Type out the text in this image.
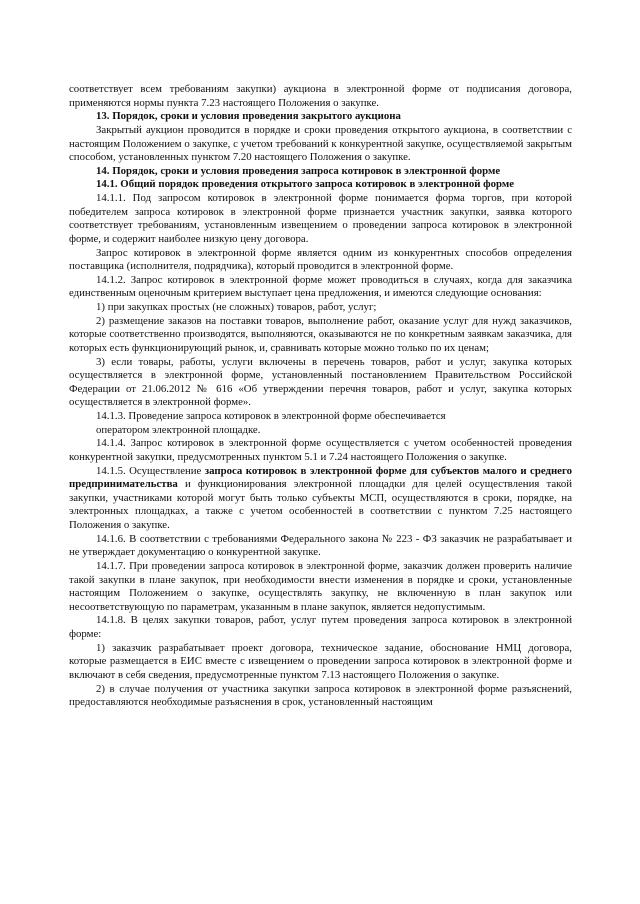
соответствует всем требованиям закупки) аукциона в электронной форме от подписания договора, применяются нормы пункта 7.23 настоящего Положения о закупке.

13. Порядок, сроки и условия проведения закрытого аукциона

Закрытый аукцион проводится в порядке и сроки проведения открытого аукциона, в соответствии с настоящим Положением о закупке, с учетом требований к конкурентной закупке, осуществляемой закрытым способом, установленных пунктом 7.20 настоящего Положения о закупке.

14. Порядок, сроки и условия проведения запроса котировок в электронной форме

14.1. Общий порядок проведения открытого запроса котировок в электронной форме

14.1.1. Под запросом котировок в электронной форме понимается форма торгов, при которой победителем запроса котировок в электронной форме признается участник закупки, заявка которого соответствует требованиям, установленным извещением о проведении запроса котировок в электронной форме, и содержит наиболее низкую цену договора.

Запрос котировок в электронной форме является одним из конкурентных способов определения поставщика (исполнителя, подрядчика), который проводится в электронной форме.

14.1.2. Запрос котировок в электронной форме может проводиться в случаях, когда для заказчика единственным оценочным критерием выступает цена предложения, и имеются следующие основания:

1) при закупках простых (не сложных) товаров, работ, услуг;

2) размещение заказов на поставки товаров, выполнение работ, оказание услуг для нужд заказчиков, которые соответственно производятся, выполняются, оказываются не по конкретным заявкам заказчика, для которых есть функционирующий рынок, и, сравнивать которые можно только по их ценам;

3) если товары, работы, услуги включены в перечень товаров, работ и услуг, закупка которых осуществляется в электронной форме, установленный постановлением Правительством Российской Федерации от 21.06.2012 № 616 «Об утверждении перечня товаров, работ и услуг, закупка которых осуществляется в электронной форме».

14.1.3. Проведение запроса котировок в электронной форме обеспечивается

оператором электронной площадке.

14.1.4. Запрос котировок в электронной форме осуществляется с учетом особенностей проведения конкурентной закупки, предусмотренных пунктом 5.1 и 7.24 настоящего Положения о закупке.

14.1.5. Осуществление запроса котировок в электронной форме для субъектов малого и среднего предпринимательства и функционирования электронной площадки для целей осуществления такой закупки, участниками которой могут быть только субъекты МСП, осуществляются в сроки, порядке, на электронных площадках, а также с учетом особенностей в соответствии с пунктом 7.25 настоящего Положения о закупке.

14.1.6. В соответствии с требованиями Федерального закона № 223 - ФЗ заказчик не разрабатывает и не утверждает документацию о конкурентной закупке.

14.1.7. При проведении запроса котировок в электронной форме, заказчик должен проверить наличие такой закупки в плане закупок, при необходимости внести изменения в порядке и сроки, установленные настоящим Положением о закупке, осуществлять закупку, не включенную в план закупок или несоответствующую по параметрам, указанным в плане закупок, является недопустимым.

14.1.8. В целях закупки товаров, работ, услуг путем проведения запроса котировок в электронной форме:

1) заказчик разрабатывает проект договора, техническое задание, обоснование НМЦ договора, которые размещается в ЕИС вместе с извещением о проведении запроса котировок в электронной форме и включают в себя сведения, предусмотренные пунктом 7.13 настоящего Положения о закупке.

2) в случае получения от участника закупки запроса котировок в электронной форме разъяснений, предоставляются необходимые разъяснения в срок, установленный настоящим
